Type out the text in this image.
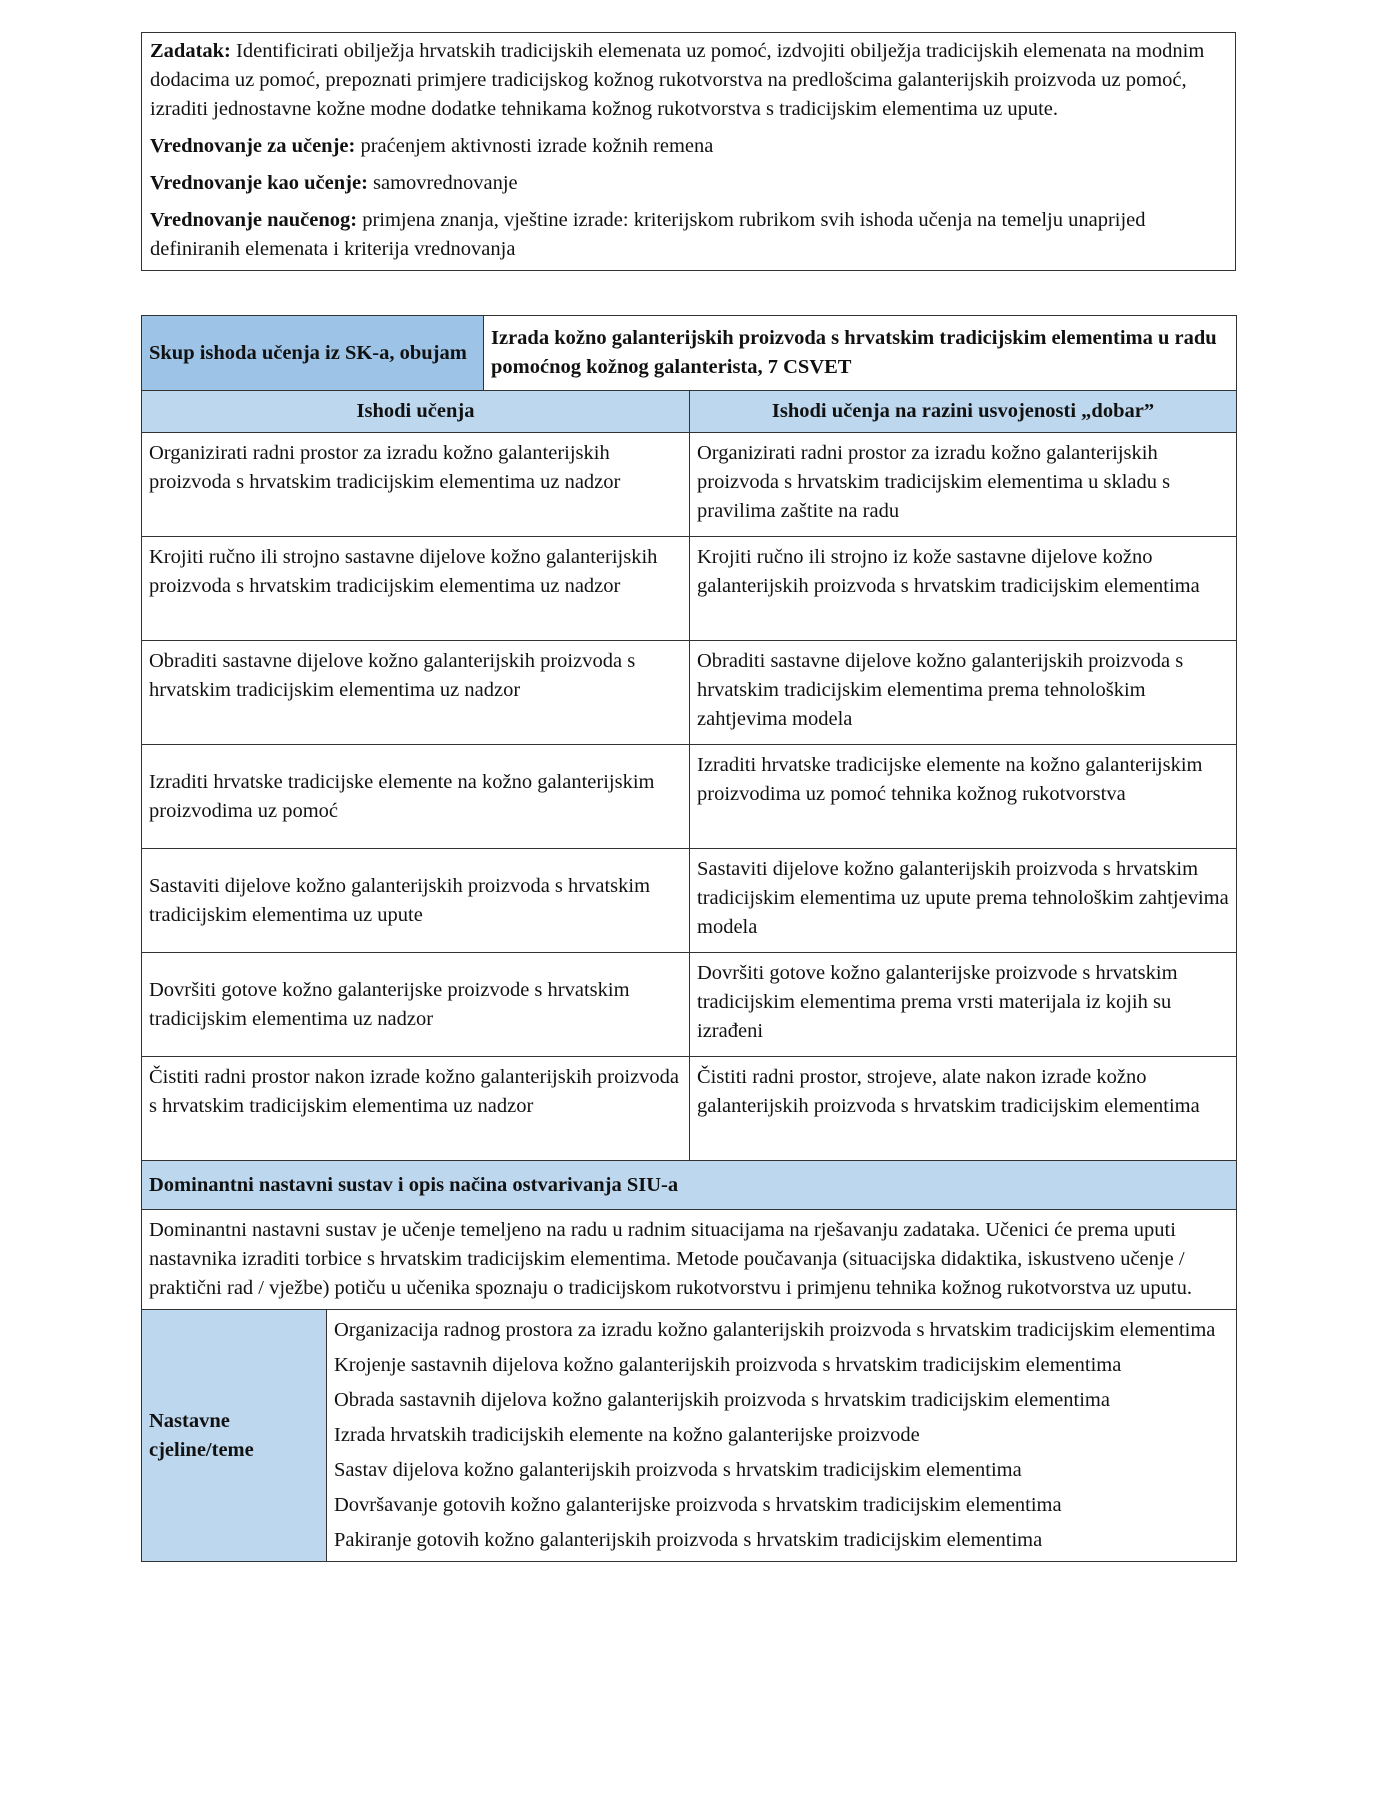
Zadatak: Identificirati obilježja hrvatskih tradicijskih elemenata uz pomoć, izdvojiti obilježja tradicijskih elemenata na modnim dodacima uz pomoć, prepoznati primjere tradicijskog kožnog rukotvorstva na predlošcima galanterijskih proizvoda uz pomoć, izraditi jednostavne kožne modne dodatke tehnikama kožnog rukotvorstva s tradicijskim elementima uz upute.

Vrednovanje za učenje: praćenjem aktivnosti izrade kožnih remena

Vrednovanje kao učenje: samovrednovanje

Vrednovanje naučenog: primjena znanja, vještine izrade: kriterijskom rubrikom svih ishoda učenja na temelju unaprijed definiranih elemenata i kriterija vrednovanja

Skup ishoda učenja iz SK-a, obujam		Izrada kožno galanterijskih proizvoda s hrvatskim tradicijskim elementima u radu pomoćnog kožnog galanterista, 7 CSVET	
Ishodi učenja			Ishodi učenja na razini usvojenosti „dobar”
Organizirati radni prostor za izradu kožno galanterijskih proizvoda s hrvatskim tradicijskim elementima uz nadzor			Organizirati radni prostor za izradu kožno galanterijskih proizvoda s hrvatskim tradicijskim elementima u skladu s pravilima zaštite na radu
Krojiti ručno ili strojno sastavne dijelove kožno galanterijskih proizvoda s hrvatskim tradicijskim elementima uz nadzor			Krojiti ručno ili strojno iz kože sastavne dijelove kožno galanterijskih proizvoda s hrvatskim tradicijskim elementima
Obraditi sastavne dijelove kožno galanterijskih proizvoda s hrvatskim tradicijskim elementima uz nadzor			Obraditi sastavne dijelove kožno galanterijskih proizvoda s hrvatskim tradicijskim elementima prema tehnološkim zahtjevima modela
Izraditi hrvatske tradicijske elemente na kožno galanterijskim proizvodima uz pomoć			Izraditi hrvatske tradicijske elemente na kožno galanterijskim proizvodima uz pomoć tehnika kožnog rukotvorstva
Sastaviti dijelove kožno galanterijskih proizvoda s hrvatskim tradicijskim elementima uz upute			Sastaviti dijelove kožno galanterijskih proizvoda s hrvatskim tradicijskim elementima uz upute prema tehnološkim zahtjevima modela
Dovršiti gotove kožno galanterijske proizvode s hrvatskim tradicijskim elementima uz nadzor			Dovršiti gotove kožno galanterijske proizvode s hrvatskim tradicijskim elementima prema vrsti materijala iz kojih su izrađeni
Čistiti radni prostor nakon izrade kožno galanterijskih proizvoda s hrvatskim tradicijskim elementima uz nadzor			Čistiti radni prostor, strojeve, alate nakon izrade kožno galanterijskih proizvoda s hrvatskim tradicijskim elementima
Dominantni nastavni sustav i opis načina ostvarivanja SIU-a			
Dominantni nastavni sustav je učenje temeljeno na radu u radnim situacijama na rješavanju zadataka. Učenici će prema uputi nastavnika izraditi torbice s hrvatskim tradicijskim elementima. Metode poučavanja (situacijska didaktika, iskustveno učenje / praktični rad / vježbe) potiču u učenika spoznaju o tradicijskom rukotvorstvu i primjenu tehnika kožnog rukotvorstva uz uputu.			
Nastavne cjeline/teme	
Organizacija radnog prostora za izradu kožno galanterijskih proizvoda s hrvatskim tradicijskim elementima
Krojenje sastavnih dijelova kožno galanterijskih proizvoda s hrvatskim tradicijskim elementima
Obrada sastavnih dijelova kožno galanterijskih proizvoda s hrvatskim tradicijskim elementima
Izrada hrvatskih tradicijskih elemente na kožno galanterijske proizvode
Sastav dijelova kožno galanterijskih proizvoda s hrvatskim tradicijskim elementima
Dovršavanje gotovih kožno galanterijske proizvoda s hrvatskim tradicijskim elementima
Pakiranje gotovih kožno galanterijskih proizvoda s hrvatskim tradicijskim elementima
